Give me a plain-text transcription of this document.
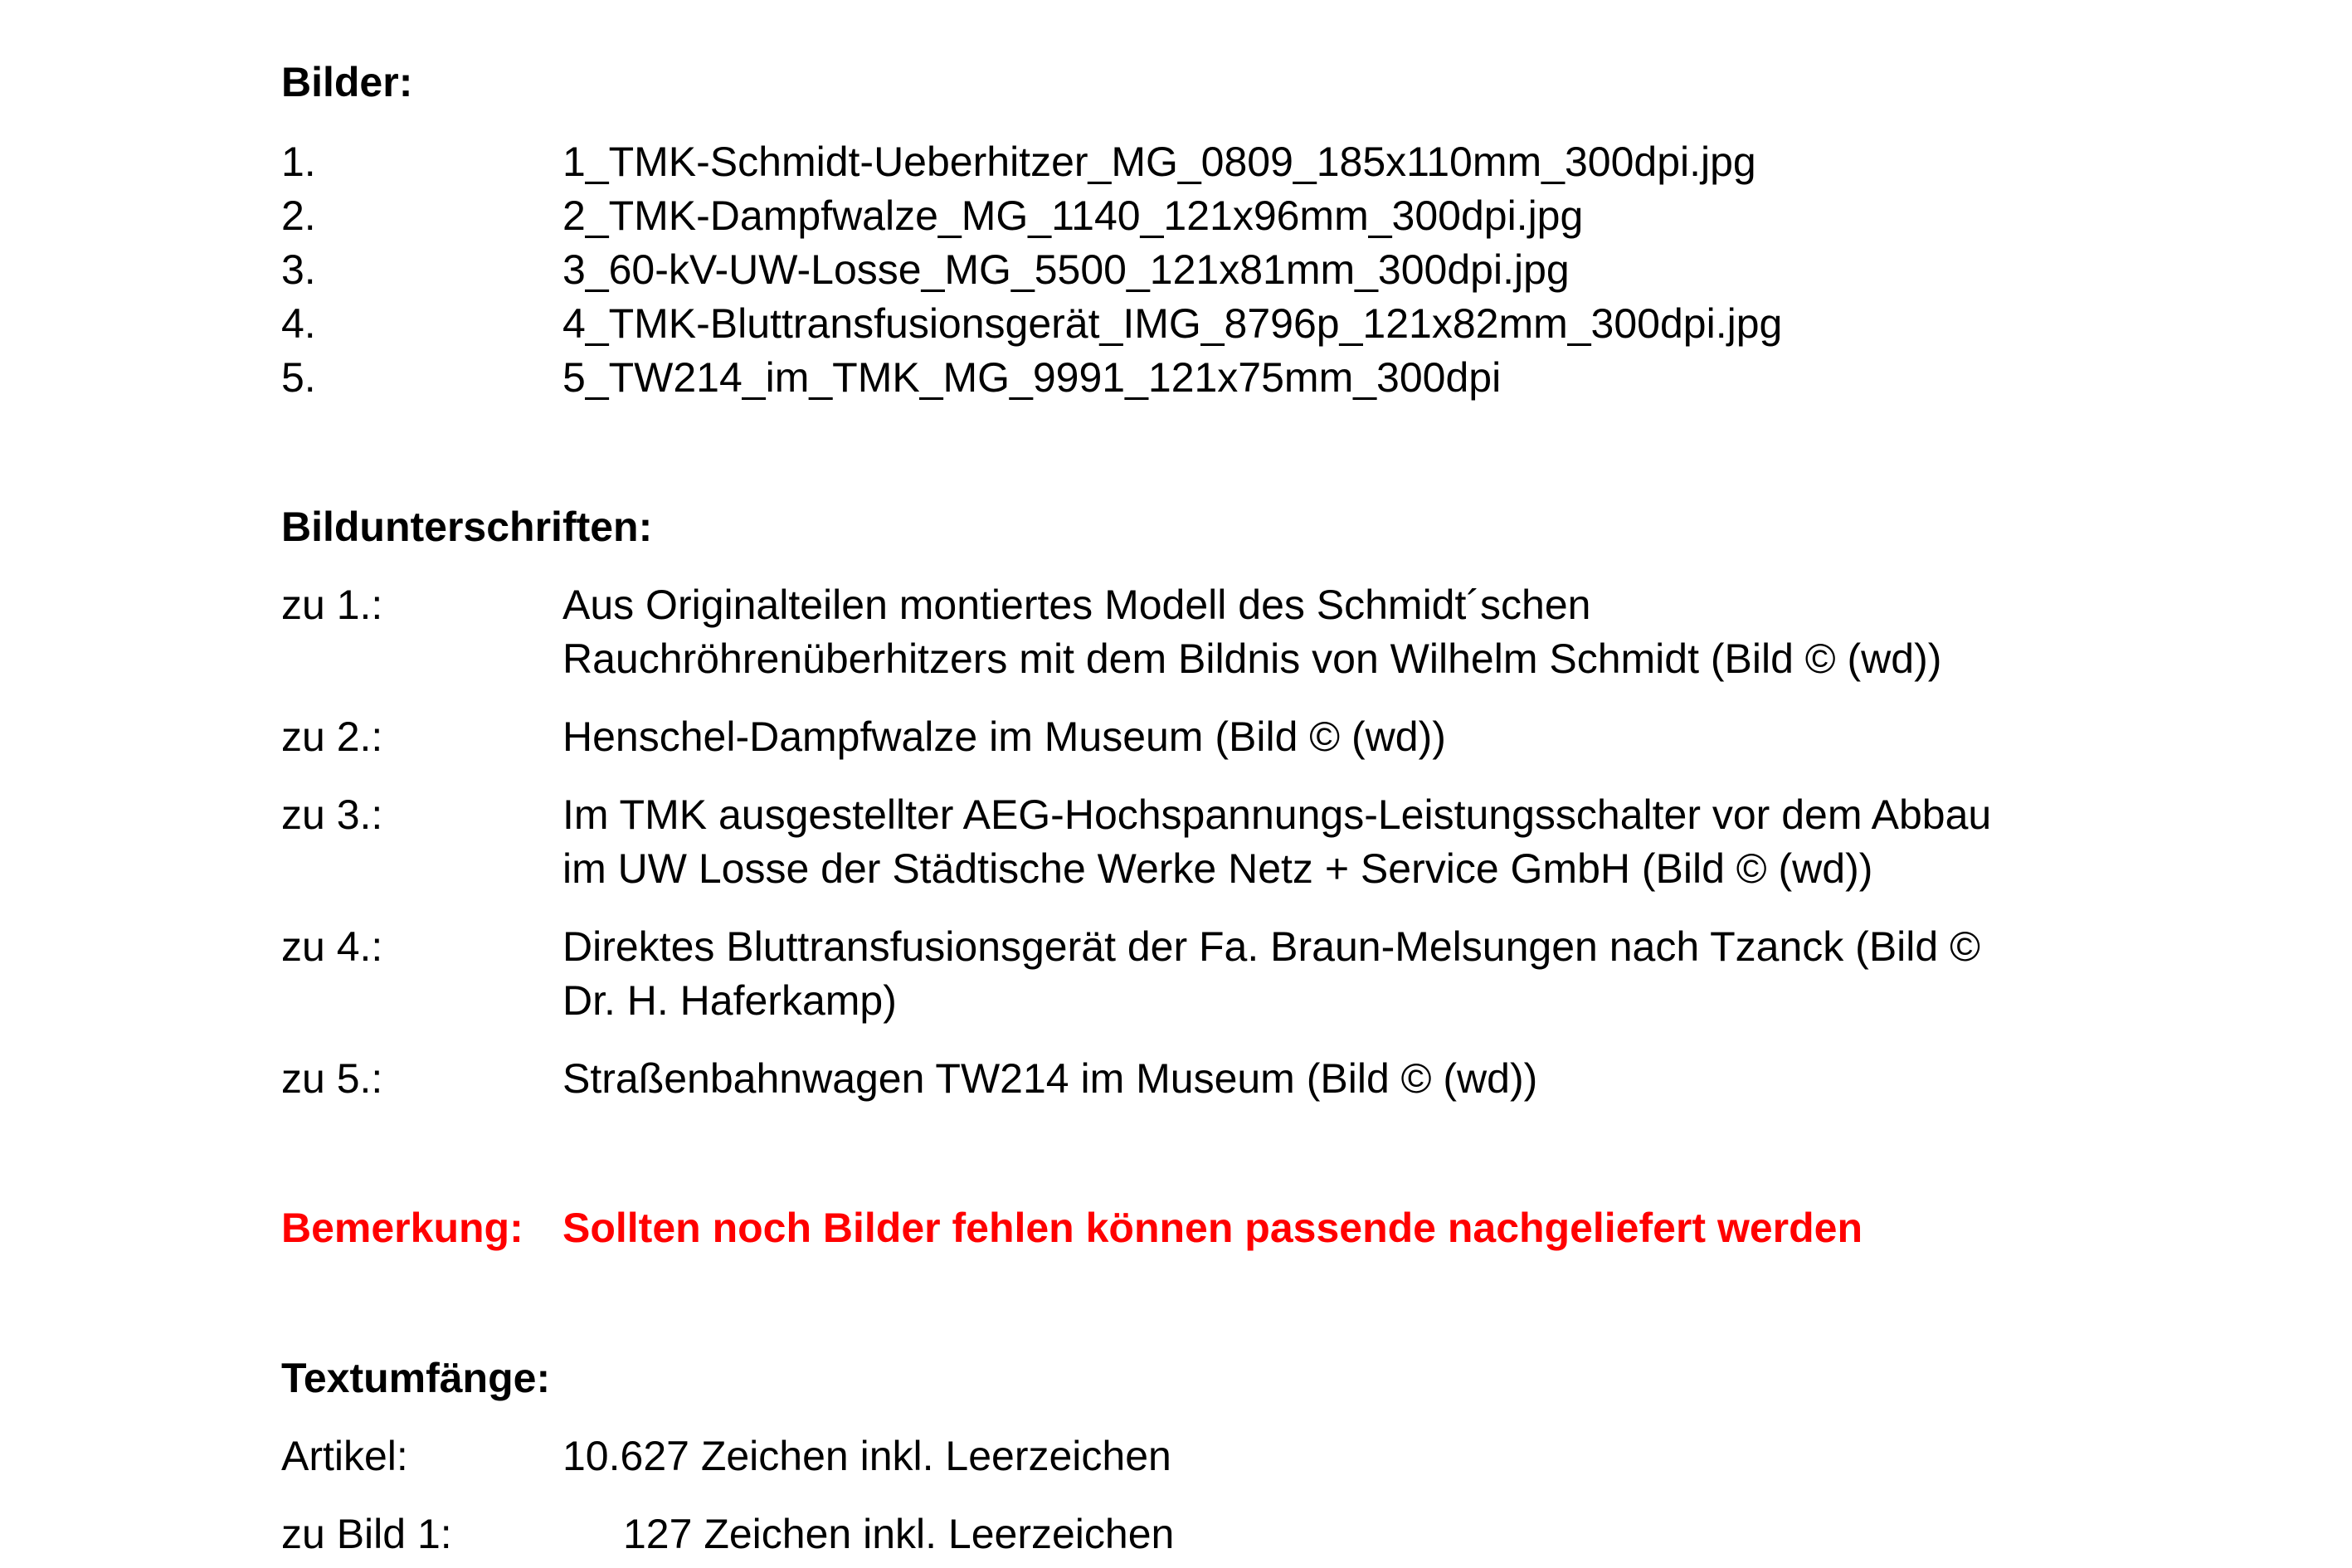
Bilder:
1.	1_TMK-Schmidt-Ueberhitzer_MG_0809_185x110mm_300dpi.jpg
2.	2_TMK-Dampfwalze_MG_1140_121x96mm_300dpi.jpg
3.	3_60-kV-UW-Losse_MG_5500_121x81mm_300dpi.jpg
4.	4_TMK-Bluttransfusionsgerät_IMG_8796p_121x82mm_300dpi.jpg
5.	5_TW214_im_TMK_MG_9991_121x75mm_300dpi
Bildunterschriften:
zu 1.:	Aus Originalteilen montiertes Modell des Schmidt´schen
Rauchröhrenüberhitzers mit dem Bildnis von Wilhelm Schmidt (Bild © (wd))
zu 2.:	Henschel-Dampfwalze im Museum (Bild © (wd))
zu 3.:	Im TMK ausgestellter AEG-Hochspannungs-Leistungsschalter vor dem Abbau
im UW Losse der Städtische Werke Netz + Service GmbH (Bild © (wd))
zu 4.:	Direktes Bluttransfusionsgerät der Fa. Braun-Melsungen nach Tzanck (Bild ©
Dr. H. Haferkamp)
zu 5.:	Straßenbahnwagen TW214 im Museum (Bild © (wd))
Bemerkung: Sollten noch Bilder fehlen können passende nachgeliefert werden
Textumfänge:
Artikel:	10.627 Zeichen inkl. Leerzeichen
zu Bild 1:	127 Zeichen inkl. Leerzeichen
